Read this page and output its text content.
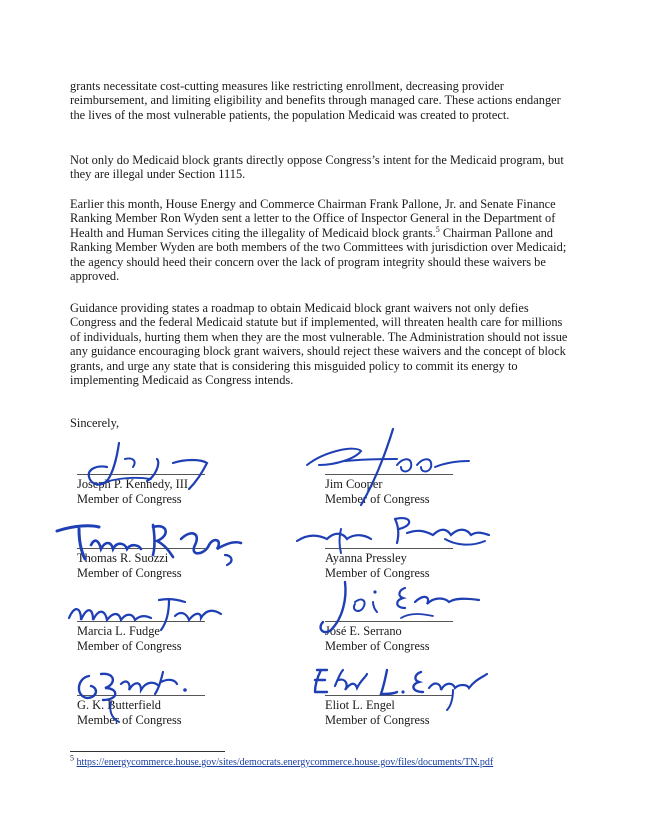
grants necessitate cost-cutting measures like restricting enrollment, decreasing provider reimbursement, and limiting eligibility and benefits through managed care. These actions endanger the lives of the most vulnerable patients, the population Medicaid was created to protect.

Not only do Medicaid block grants directly oppose Congress’s intent for the Medicaid program, but they are illegal under Section 1115.

Earlier this month, House Energy and Commerce Chairman Frank Pallone, Jr. and Senate Finance Ranking Member Ron Wyden sent a letter to the Office of Inspector General in the Department of Health and Human Services citing the illegality of Medicaid block grants.$^5$ Chairman Pallone and Ranking Member Wyden are both members of the two Committees with jurisdiction over Medicaid; the agency should heed their concern over the lack of program integrity should these waivers be approved.

Guidance providing states a roadmap to obtain Medicaid block grant waivers not only defies Congress and the federal Medicaid statute but if implemented, will threaten health care for millions of individuals, hurting them when they are the most vulnerable. The Administration should not issue any guidance encouraging block grant waivers, should reject these waivers and the concept of block grants, and urge any state that is considering this misguided policy to commit its energy to implementing Medicaid as Congress intends.

Sincerely,

Joseph P. Kennedy, III
Member of Congress
Jim Cooper
Member of Congress
Thomas R. Suozzi
Member of Congress
Ayanna Pressley
Member of Congress
Marcia L. Fudge
Member of Congress
José E. Serrano
Member of Congress
G. K. Butterfield
Member of Congress
Eliot L. Engel
Member of Congress
$^5$ https://energycommerce.house.gov/sites/democrats.energycommerce.house.gov/files/documents/TN.pdf
